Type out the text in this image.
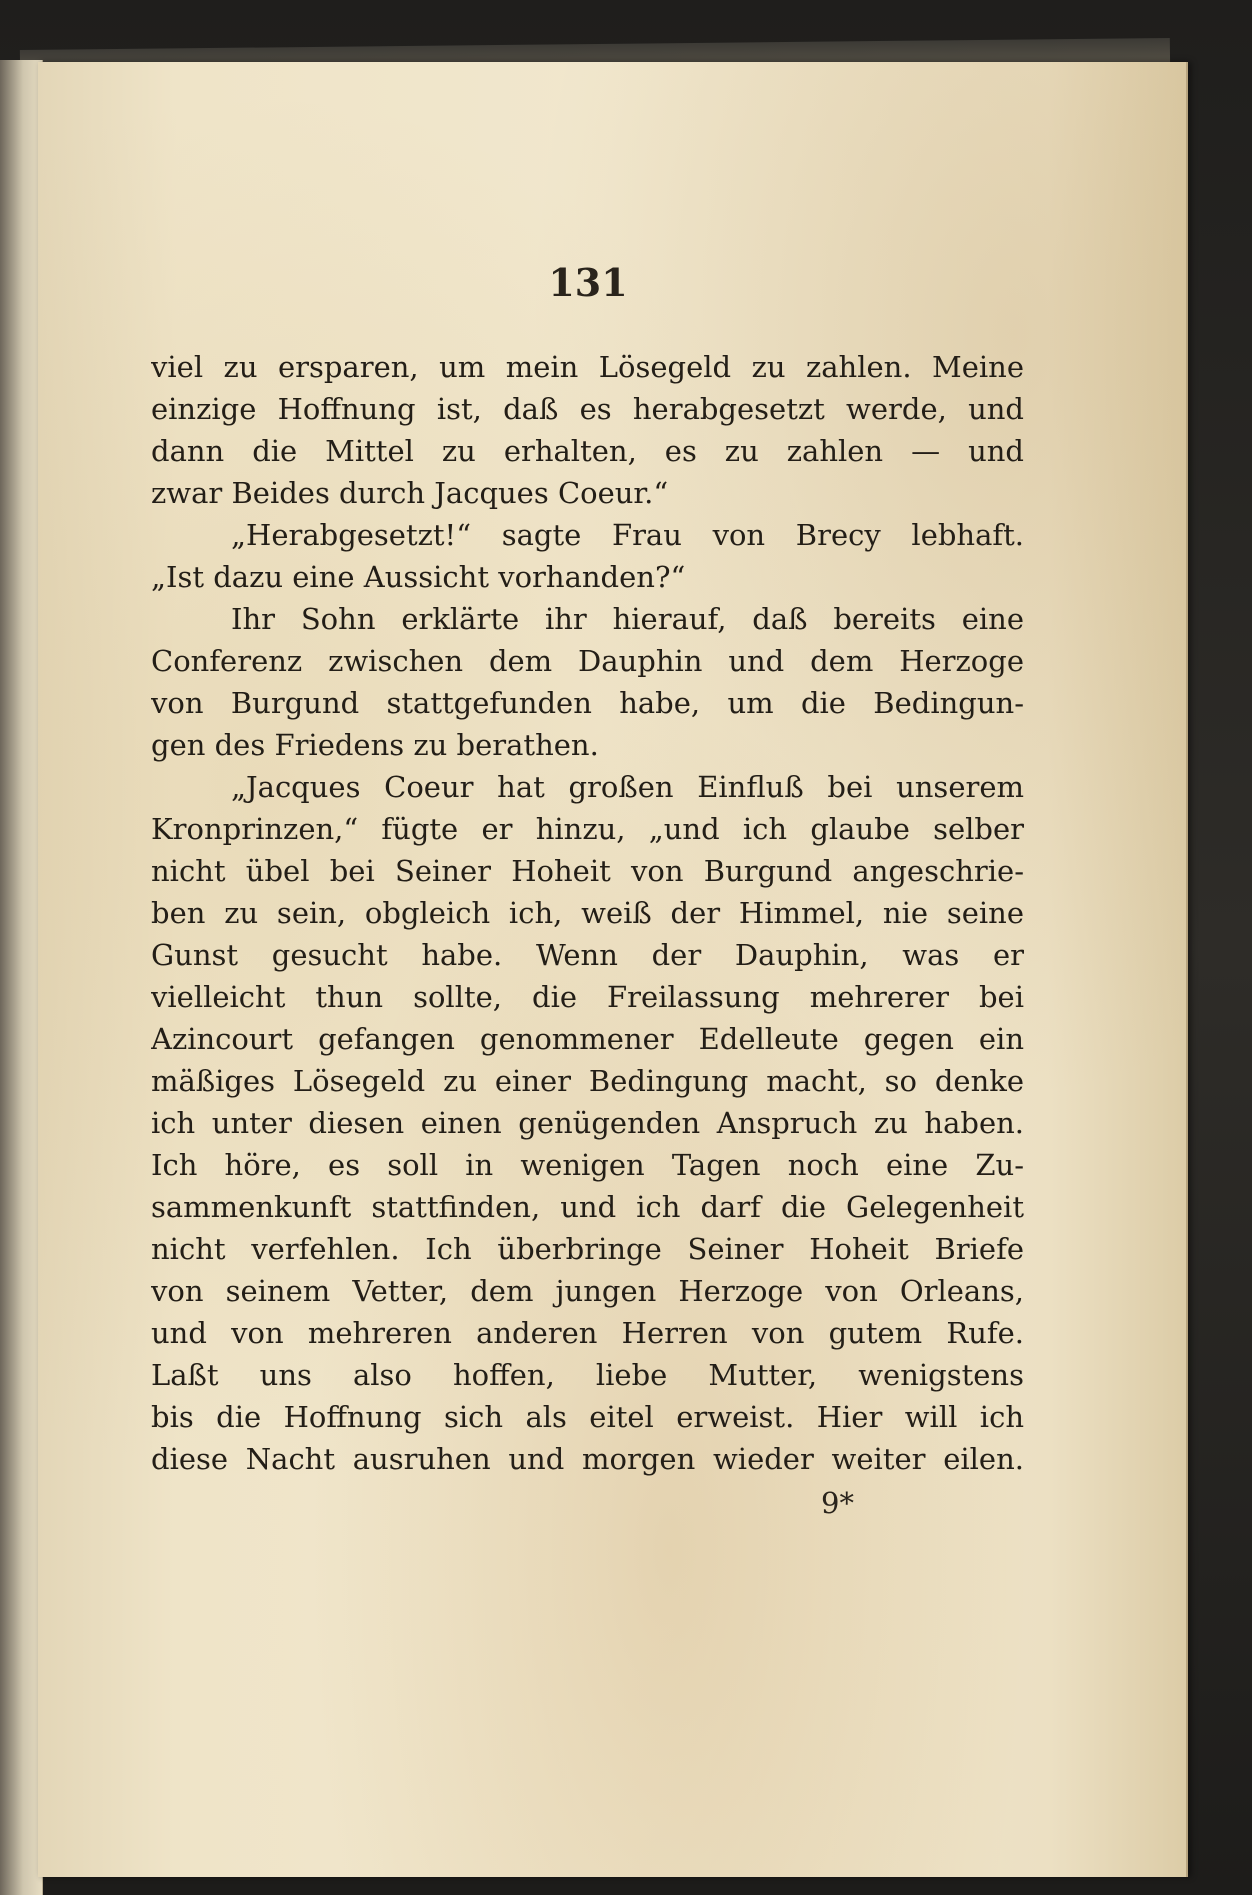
131
viel zu ersparen, um mein Lösegeld zu zahlen. Meine
einzige Hoffnung ist, daß es herabgesetzt werde, und
dann die Mittel zu erhalten, es zu zahlen — und
zwar Beides durch Jacques Coeur.“
„Herabgesetzt!“ sagte Frau von Brecy lebhaft.
„Ist dazu eine Aussicht vorhanden?“
Ihr Sohn erklärte ihr hierauf, daß bereits eine
Conferenz zwischen dem Dauphin und dem Herzoge
von Burgund stattgefunden habe, um die Bedingun-
gen des Friedens zu berathen.
„Jacques Coeur hat großen Einfluß bei unserem
Kronprinzen,“ fügte er hinzu, „und ich glaube selber
nicht übel bei Seiner Hoheit von Burgund angeschrie-
ben zu sein, obgleich ich, weiß der Himmel, nie seine
Gunst gesucht habe. Wenn der Dauphin, was er
vielleicht thun sollte, die Freilassung mehrerer bei
Azincourt gefangen genommener Edelleute gegen ein
mäßiges Lösegeld zu einer Bedingung macht, so denke
ich unter diesen einen genügenden Anspruch zu haben.
Ich höre, es soll in wenigen Tagen noch eine Zu-
sammenkunft stattfinden, und ich darf die Gelegenheit
nicht verfehlen. Ich überbringe Seiner Hoheit Briefe
von seinem Vetter, dem jungen Herzoge von Orleans,
und von mehreren anderen Herren von gutem Rufe.
Laßt uns also hoffen, liebe Mutter, wenigstens
bis die Hoffnung sich als eitel erweist. Hier will ich
diese Nacht ausruhen und morgen wieder weiter eilen.
9*
